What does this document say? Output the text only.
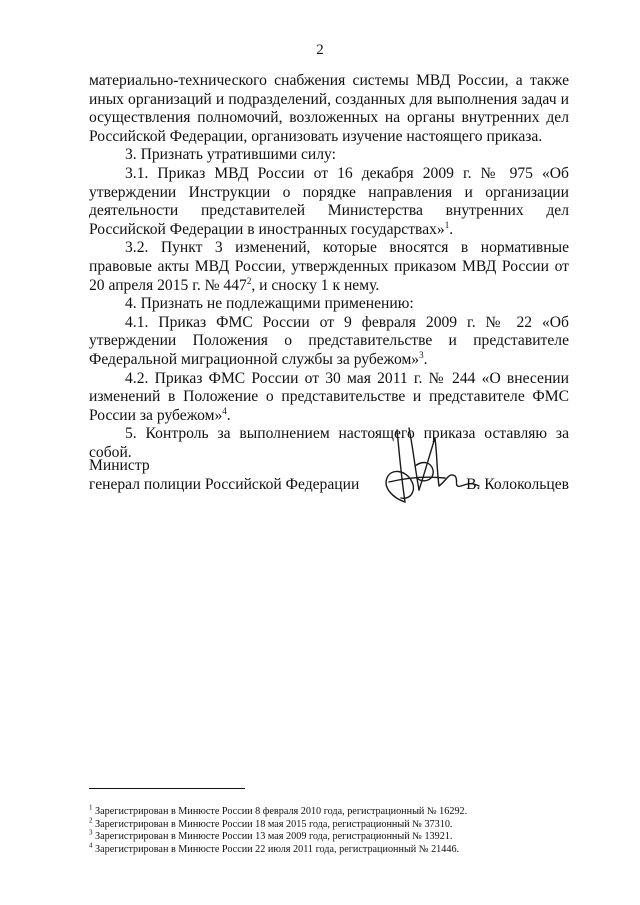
2

материально-технического снабжения системы МВД России, а также иных организаций и подразделений, созданных для выполнения задач и осуществления полномочий, возложенных на органы внутренних дел Российской Федерации, организовать изучение настоящего приказа.

3. Признать утратившими силу:

3.1. Приказ МВД России от 16 декабря 2009 г. № 975 «Об утверждении Инструкции о порядке направления и организации деятельности представителей Министерства внутренних дел Российской Федерации в иностранных государствах»$^1$.

3.2. Пункт 3 изменений, которые вносятся в нормативные правовые акты МВД России, утвержденных приказом МВД России от 20 апреля 2015 г. № $447^2$, и сноску 1 к нему.

4. Признать не подлежащими применению:

4.1. Приказ ФМС России от 9 февраля 2009 г. № 22 «Об утверждении Положения о представительстве и представителе Федеральной миграционной службы за рубежом»$^3$.

4.2. Приказ ФМС России от 30 мая 2011 г. № 244 «О внесении изменений в Положение о представительстве и представителе ФМС России за рубежом»$^4$.

5. Контроль за выполнением настоящего приказа оставляю за собой.

Министр
генерал полиции Российской Федерации	В. Колокольцев

$^1$ Зарегистрирован в Минюсте России 8 февраля 2010 года, регистрационный № 16292.

$^2$ Зарегистрирован в Минюсте России 18 мая 2015 года, регистрационный № 37310.

$^3$ Зарегистрирован в Минюсте России 13 мая 2009 года, регистрационный № 13921.

$^4$ Зарегистрирован в Минюсте России 22 июля 2011 года, регистрационный № 21446.
